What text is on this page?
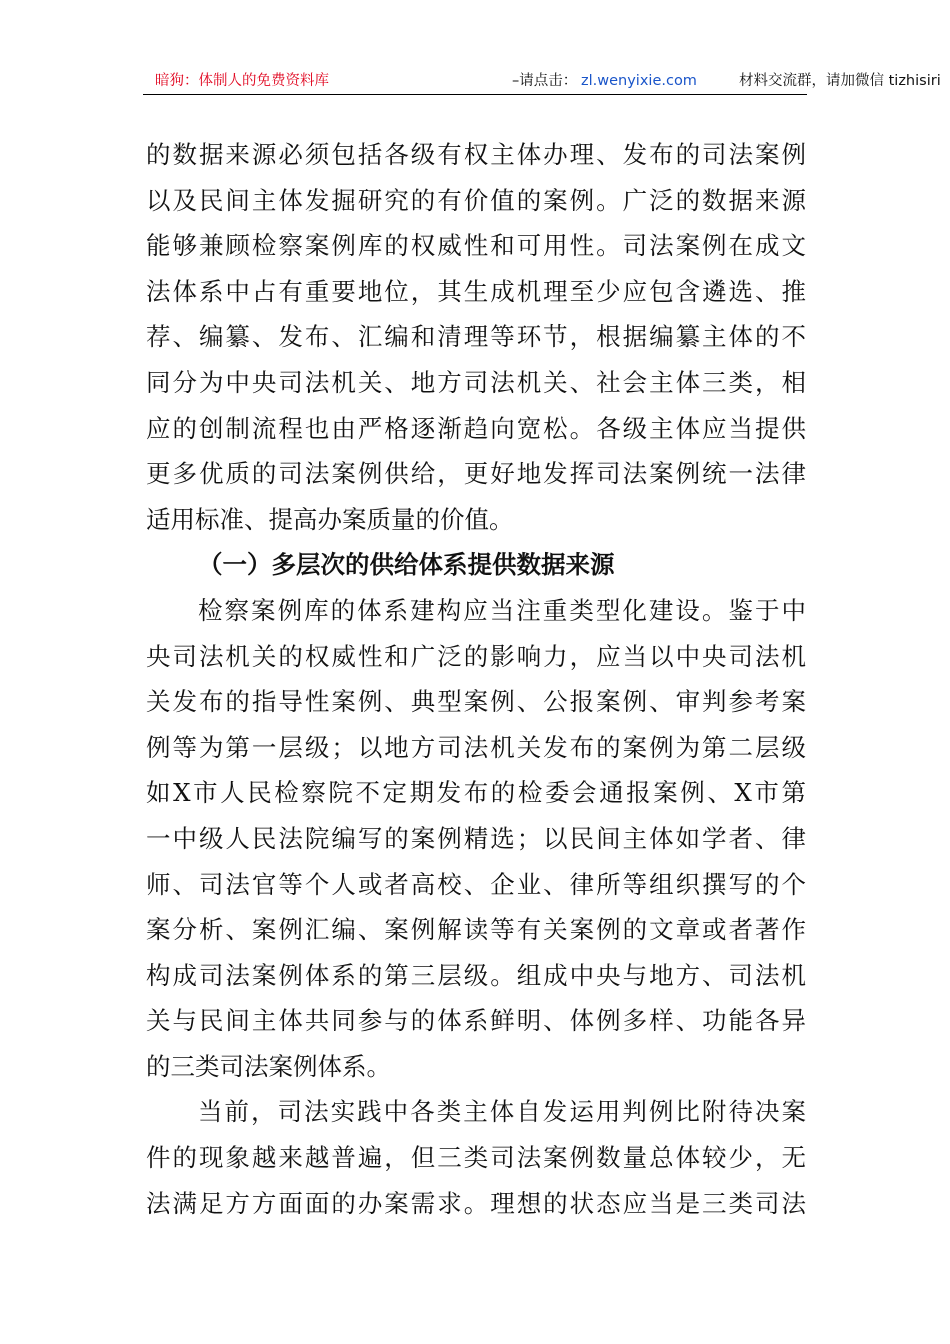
暗狗：体制人的免费资料库	–请点击： zl.wenyixie.com	材料交流群，请加微信 tizhisiri
的数据来源必须包括各级有权主体办理、发布的司法案例
以及民间主体发掘研究的有价值的案例。广泛的数据来源
能够兼顾检察案例库的权威性和可用性。司法案例在成文
法体系中占有重要地位，其生成机理至少应包含遴选、推
荐、编纂、发布、汇编和清理等环节，根据编纂主体的不
同分为中央司法机关、地方司法机关、社会主体三类，相
应的创制流程也由严格逐渐趋向宽松。各级主体应当提供
更多优质的司法案例供给，更好地发挥司法案例统一法律
适用标准、提高办案质量的价值。
（一）多层次的供给体系提供数据来源
检察案例库的体系建构应当注重类型化建设。鉴于中
央司法机关的权威性和广泛的影响力，应当以中央司法机
关发布的指导性案例、典型案例、公报案例、审判参考案
例等为第一层级；以地方司法机关发布的案例为第二层级
如X市人民检察院不定期发布的检委会通报案例、X市第
一中级人民法院编写的案例精选；以民间主体如学者、律
师、司法官等个人或者高校、企业、律所等组织撰写的个
案分析、案例汇编、案例解读等有关案例的文章或者著作
构成司法案例体系的第三层级。组成中央与地方、司法机
关与民间主体共同参与的体系鲜明、体例多样、功能各异
的三类司法案例体系。
当前，司法实践中各类主体自发运用判例比附待决案
件的现象越来越普遍，但三类司法案例数量总体较少，无
法满足方方面面的办案需求。理想的状态应当是三类司法
